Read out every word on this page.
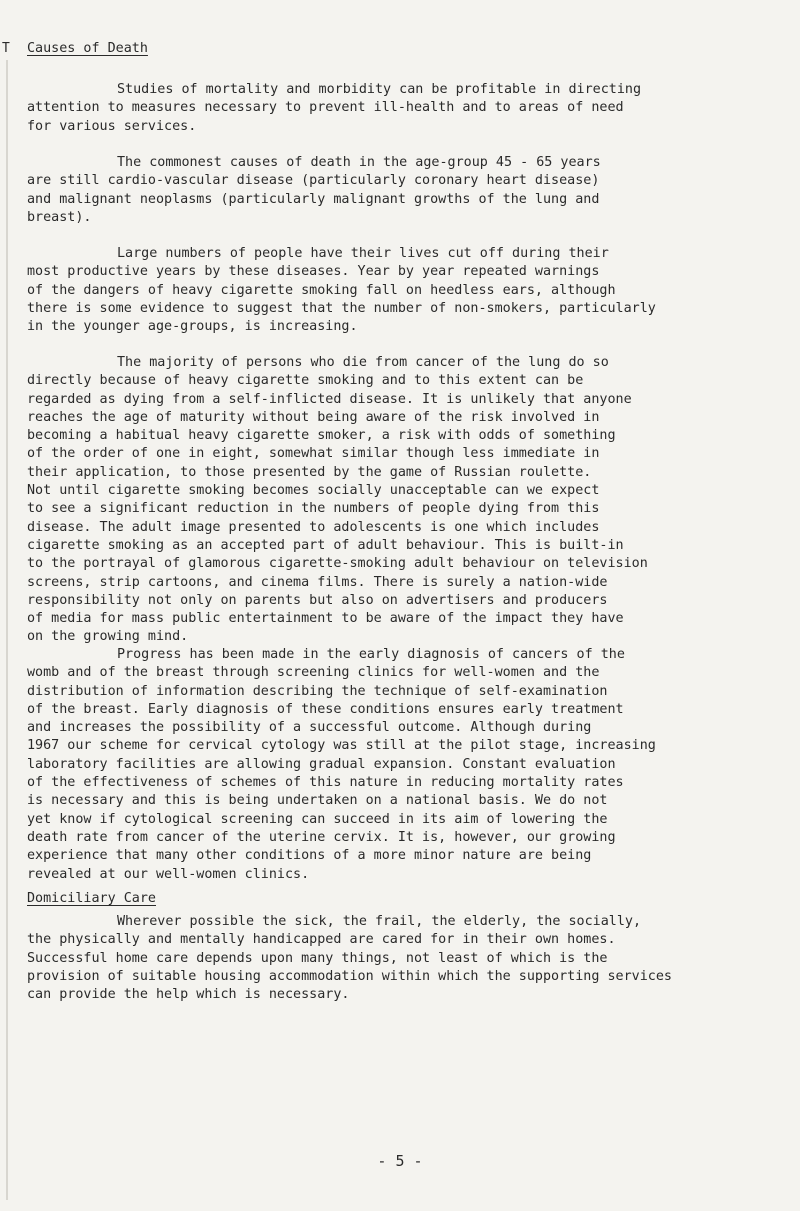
T Causes of Death

Studies of mortality and morbidity can be profitable in directing
attention to measures necessary to prevent ill-health and to areas of need
for various services.

The commonest causes of death in the age-group 45 - 65 years
are still cardio-vascular disease (particularly coronary heart disease)
and malignant neoplasms (particularly malignant growths of the lung and
breast).

Large numbers of people have their lives cut off during their
most productive years by these diseases. Year by year repeated warnings
of the dangers of heavy cigarette smoking fall on heedless ears, although
there is some evidence to suggest that the number of non-smokers, particularly
in the younger age-groups, is increasing.

The majority of persons who die from cancer of the lung do so
directly because of heavy cigarette smoking and to this extent can be
regarded as dying from a self-inflicted disease. It is unlikely that anyone
reaches the age of maturity without being aware of the risk involved in
becoming a habitual heavy cigarette smoker, a risk with odds of something
of the order of one in eight, somewhat similar though less immediate in
their application, to those presented by the game of Russian roulette.
Not until cigarette smoking becomes socially unacceptable can we expect
to see a significant reduction in the numbers of people dying from this
disease. The adult image presented to adolescents is one which includes
cigarette smoking as an accepted part of adult behaviour. This is built-in
to the portrayal of glamorous cigarette-smoking adult behaviour on television
screens, strip cartoons, and cinema films. There is surely a nation-wide
responsibility not only on parents but also on advertisers and producers
of media for mass public entertainment to be aware of the impact they have
on the growing mind.

Progress has been made in the early diagnosis of cancers of the
womb and of the breast through screening clinics for well-women and the
distribution of information describing the technique of self-examination
of the breast. Early diagnosis of these conditions ensures early treatment
and increases the possibility of a successful outcome. Although during
1967 our scheme for cervical cytology was still at the pilot stage, increasing
laboratory facilities are allowing gradual expansion. Constant evaluation
of the effectiveness of schemes of this nature in reducing mortality rates
is necessary and this is being undertaken on a national basis. We do not
yet know if cytological screening can succeed in its aim of lowering the
death rate from cancer of the uterine cervix. It is, however, our growing
experience that many other conditions of a more minor nature are being
revealed at our well-women clinics.

Domiciliary Care

Wherever possible the sick, the frail, the elderly, the socially,
the physically and mentally handicapped are cared for in their own homes.
Successful home care depends upon many things, not least of which is the
provision of suitable housing accommodation within which the supporting services
can provide the help which is necessary.

- 5 -
